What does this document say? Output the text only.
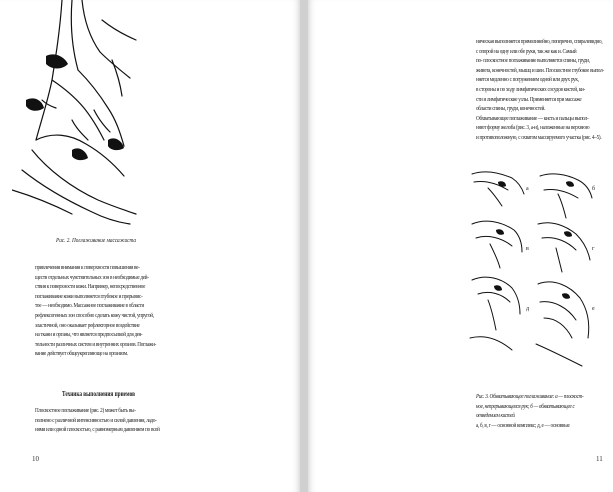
Рис. 2. Поглаживание массажиста
привлечения внимания к поверхности повышения ве-
ществ отдельных чувствительных зон в необходимые дей-
ствия к поверхности кожи. Например, непосредственное
поглаживание кожи выполняется глубокое и прерывис-
тое — необходимо. Массажное поглаживание в области
рефлексогенных зон способно сделать кожу чистой, упругой,
эластичной, оно оказывает рефлекторное воздействие
на ткани и органы, что является предпосылкой для дея-
тельности различных систем и внутренних органов. Поглажи-
вание действует общеукрепляюще на организм.
Техника выполнения приемов
Плоскостное поглаживание (рис. 2) может быть вы-
полнено с различной интенсивностью и силой давления, ладо-
нями или одной плоскостью, с равномерным давлением по всей
10
ническая выполняется прямолинейно, поперечно, спиралевидно,
с опорой на одну или обе руки, так же как и. Самый
пo- плоскостное поглаживание выполняется спины, груди,
живота, конечностей, мышц и шеи. Плоскостное глубокое выпол-
няется медленно с погружением одной или двух рук,
в стороны и по ходу лимфатических сосудов кистей, ки-
сти и лимфатические узлы. Применяется при массаже
области спины, груди, конечностей.
Обхватывающее поглаживание — кисть и пальцы выпол-
няют форму желоба (рис. 3, а-и), наложенные на верхнюю
и противоположную, с охватом массируемого участка (рис. 4–5).
а	б
в	г
д	е
Рис. 3. Обхватывающее поглаживание: а — плоскост-
ное, непрерывающееся рук; б — обхватывающее с
отведением кистей
а, б, в, г — основной комплекс; д, е — основные
11
